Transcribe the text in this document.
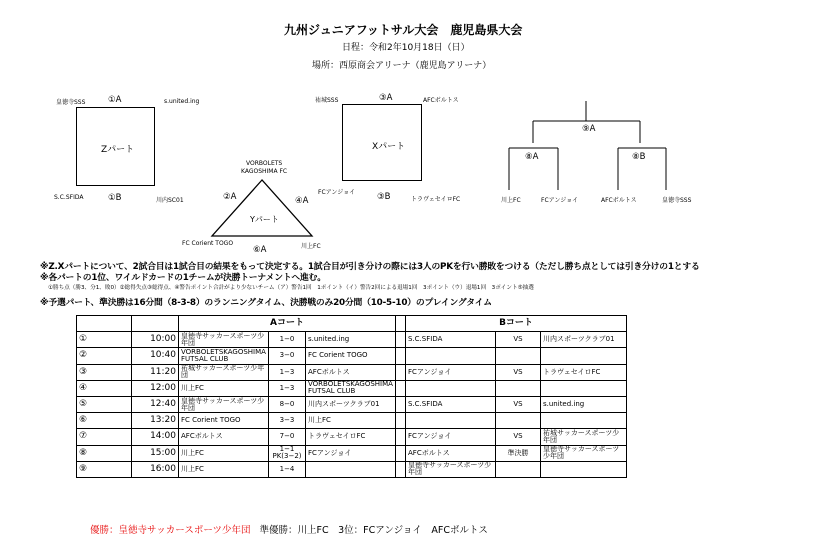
九州ジュニアフットサル大会　鹿児島県大会
日程：令和2年10月18日（日）
場所：西原商会アリーナ（鹿児島アリーナ）
皇徳寺SSS	①A	s.united.ing
Zパート
S.C.SFIDA	①B	川内SC01
VORBOLETS
KAGOSHIMA FC
②A	④A
Yパート
FC Corient TOGO
⑥A	川上FC
祐城SSS	③A	AFCボルトス
Xパート
FCアンジョイ	③B	トラヴェセイロFC
⑨A
⑧A	⑧B
川上FC	FCアンジョイ	AFCボルトス	皇徳寺SSS
※Z.Xパートについて、2試合目は1試合目の結果をもって決定する。1試合目が引き分けの際には3人のPKを行い勝敗をつける（ただし勝ち点としては引き分けの1とする
※各パートの1位、ワイルドカードの1チームが決勝トーナメントへ進む。
①勝ち点（勝3、分1、敗0）②総得失点③総得点、④警告ポイント合計がより少ないチーム（ア）警告1回　1ポイント（イ）警告2回による退場1回　3ポイント（ウ）退場1回　3ポイント⑤抽選
※予選パート、準決勝は16分間（8-3-8）のランニングタイム、決勝戦のみ20分間（10-5-10）のプレイングタイム
		Aコート				Bコート		
①	10:00	皇徳寺サッカースポーツ少年団	1−0	s.united.ing		S.C.SFIDA	VS	川内スポーツクラブ01
②	10:40	VORBOLETSKAGOSHIMA FUTSAL CLUB	3−0	FC Corient TOGO				
③	11:20	祐城サッカースポーツ少年団	1−3	AFCボルトス		FCアンジョイ	VS	トラヴェセイロFC
④	12:00	川上FC	1−3	VORBOLETSKAGOSHIMA FUTSAL CLUB				
⑤	12:40	皇徳寺サッカースポーツ少年団	8−0	川内スポーツクラブ01		S.C.SFIDA	VS	s.united.ing
⑥	13:20	FC Corient TOGO	3−3	川上FC				
⑦	14:00	AFCボルトス	7−0	トラヴェセイロFC		FCアンジョイ	VS	祐城サッカースポーツ少年団
⑧	15:00	川上FC	1−1 PK(3−2)	FCアンジョイ		AFCボルトス	準決勝	皇徳寺サッカースポーツ少年団
⑨	16:00	川上FC	1−4			皇徳寺サッカースポーツ少年団		
優勝：皇徳寺サッカースポーツ少年団 準優勝：川上FC　3位：FCアンジョイ　AFCボルトス
